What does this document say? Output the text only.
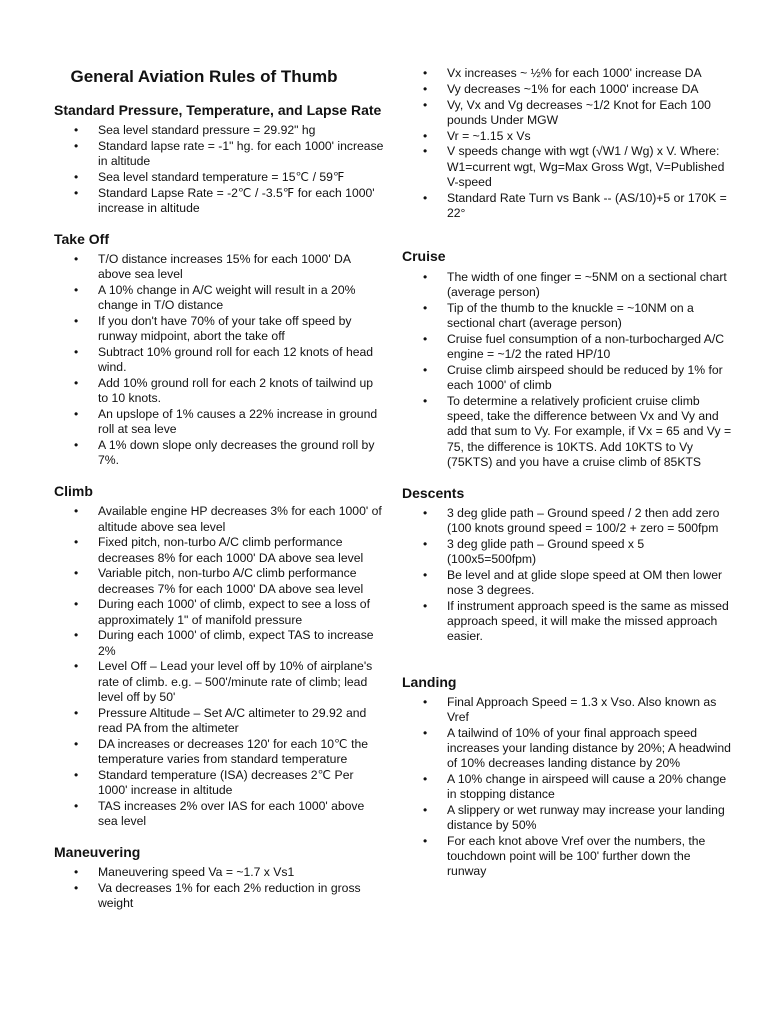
General Aviation Rules of Thumb
Standard Pressure, Temperature, and Lapse Rate
• Sea level standard pressure = 29.92" hg
• Standard lapse rate = -1" hg. for each 1000' increase in altitude
• Sea level standard temperature = 15℃ / 59℉
• Standard Lapse Rate = -2℃ / -3.5℉ for each 1000' increase in altitude
Take Off
• T/O distance increases 15% for each 1000' DA above sea level
• A 10% change in A/C weight will result in a 20% change in T/O distance
• If you don't have 70% of your take off speed by runway midpoint, abort the take off
• Subtract 10% ground roll for each 12 knots of head wind.
• Add 10% ground roll for each 2 knots of tailwind up to 10 knots.
• An upslope of 1% causes a 22% increase in ground roll at sea leve
• A 1% down slope only decreases the ground roll by 7%.
Climb
• Available engine HP decreases 3% for each 1000' of altitude above sea level
• Fixed pitch, non-turbo A/C climb performance decreases 8% for each 1000' DA above sea level
• Variable pitch, non-turbo A/C climb performance decreases 7% for each 1000' DA above sea level
• During each 1000' of climb, expect to see a loss of approximately 1" of manifold pressure
• During each 1000' of climb, expect TAS to increase 2%
• Level Off – Lead your level off by 10% of airplane's rate of climb. e.g. – 500'/minute rate of climb; lead level off by 50'
• Pressure Altitude – Set A/C altimeter to 29.92 and read PA from the altimeter
• DA increases or decreases 120' for each 10℃ the temperature varies from standard temperature
• Standard temperature (ISA) decreases 2℃ Per 1000' increase in altitude
• TAS increases 2% over IAS for each 1000' above sea level
Maneuvering
• Maneuvering speed Va = ~1.7 x Vs1
• Va decreases 1% for each 2% reduction in gross weight
• Vx increases ~ ½% for each 1000' increase DA
• Vy decreases ~1% for each 1000' increase DA
• Vy, Vx and Vg decreases ~1/2 Knot for Each 100 pounds Under MGW
• Vr = ~1.15 x Vs
• V speeds change with wgt (√W1 / Wg) x V. Where: W1=current wgt, Wg=Max Gross Wgt, V=Published V-speed
• Standard Rate Turn vs Bank -- (AS/10)+5 or 170K = 22°
Cruise
• The width of one finger = ~5NM on a sectional chart (average person)
• Tip of the thumb to the knuckle = ~10NM on a sectional chart (average person)
• Cruise fuel consumption of a non-turbocharged A/C engine = ~1/2 the rated HP/10
• Cruise climb airspeed should be reduced by 1% for each 1000' of climb
• To determine a relatively proficient cruise climb speed, take the difference between Vx and Vy and add that sum to Vy. For example, if Vx = 65 and Vy = 75, the difference is 10KTS. Add 10KTS to Vy (75KTS) and you have a cruise climb of 85KTS
Descents
• 3 deg glide path – Ground speed / 2 then add zero (100 knots ground speed = 100/2 + zero = 500fpm
• 3 deg glide path – Ground speed x 5 (100x5=500fpm)
• Be level and at glide slope speed at OM then lower nose 3 degrees.
• If instrument approach speed is the same as missed approach speed, it will make the missed approach easier.
Landing
• Final Approach Speed = 1.3 x Vso. Also known as Vref
• A tailwind of 10% of your final approach speed increases your landing distance by 20%; A headwind of 10% decreases landing distance by 20%
• A 10% change in airspeed will cause a 20% change in stopping distance
• A slippery or wet runway may increase your landing distance by 50%
• For each knot above Vref over the numbers, the touchdown point will be 100' further down the runway
